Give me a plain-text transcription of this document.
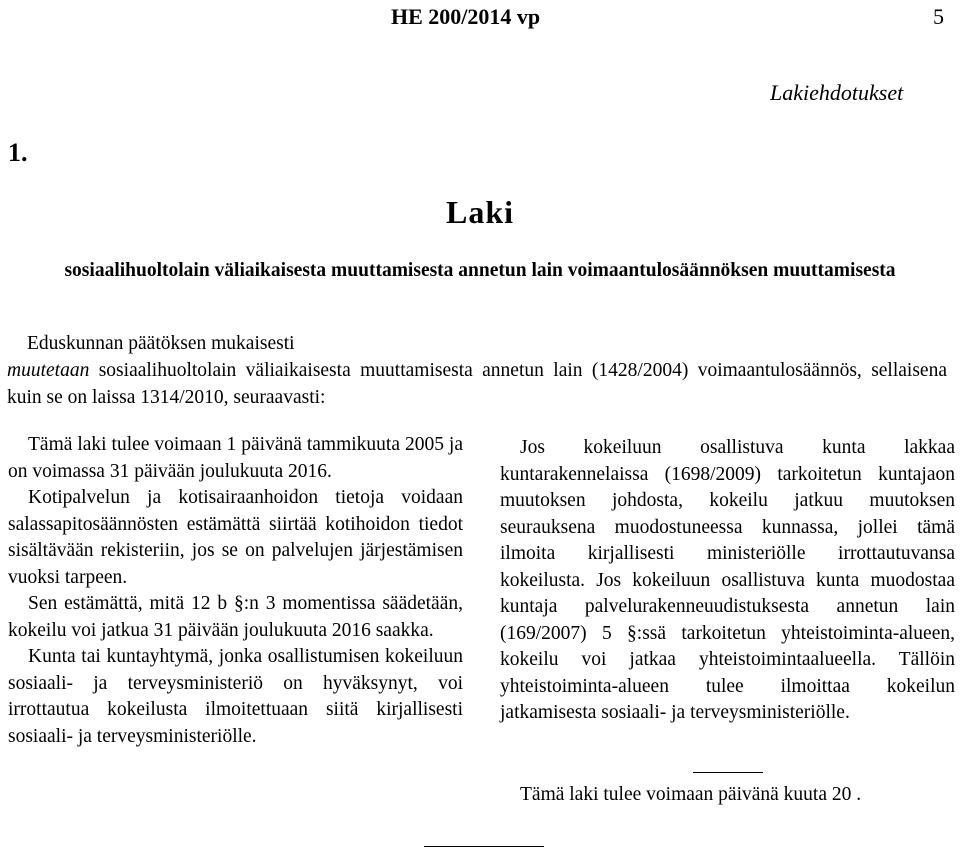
HE 200/2014 vp	5
Lakiehdotukset
1.
Laki
sosiaalihuoltolain väliaikaisesta muuttamisesta annetun lain voimaantulosäännöksen muuttamisesta

Eduskunnan päätöksen mukaisesti

muutetaan sosiaalihuoltolain väliaikaisesta muuttamisesta annetun lain (1428/2004) voimaantulosäännös, sellaisena kuin se on laissa 1314/2010, seuraavasti:

Tämä laki tulee voimaan 1 päivänä tammikuuta 2005 ja on voimassa 31 päivään joulukuuta 2016.

Kotipalvelun ja kotisairaanhoidon tietoja voidaan salassapitosäännösten estämättä siirtää kotihoidon tiedot sisältävään rekisteriin, jos se on palvelujen järjestämisen vuoksi tarpeen.

Sen estämättä, mitä 12 b §:n 3 momentissa säädetään, kokeilu voi jatkua 31 päivään joulukuuta 2016 saakka.

Kunta tai kuntayhtymä, jonka osallistumisen kokeiluun sosiaali- ja terveysministeriö on hyväksynyt, voi irrottautua kokeilusta ilmoitettuaan siitä kirjallisesti sosiaali- ja terveysministeriölle.

Jos kokeiluun osallistuva kunta lakkaa kuntarakennelaissa (1698/2009) tarkoitetun kuntajaon muutoksen johdosta, kokeilu jatkuu muutoksen seurauksena muodostuneessa kunnassa, jollei tämä ilmoita kirjallisesti ministeriölle irrottautuvansa kokeilusta. Jos kokeiluun osallistuva kunta muodostaa kuntaja palvelurakenneuudistuksesta annetun lain (169/2007) 5 §:ssä tarkoitetun yhteistoiminta-alueen, kokeilu voi jatkaa yhteistoimintaalueella. Tällöin yhteistoiminta-alueen tulee ilmoittaa kokeilun jatkamisesta sosiaali- ja terveysministeriölle.

Tämä laki tulee voimaan päivänä kuuta 20 .
